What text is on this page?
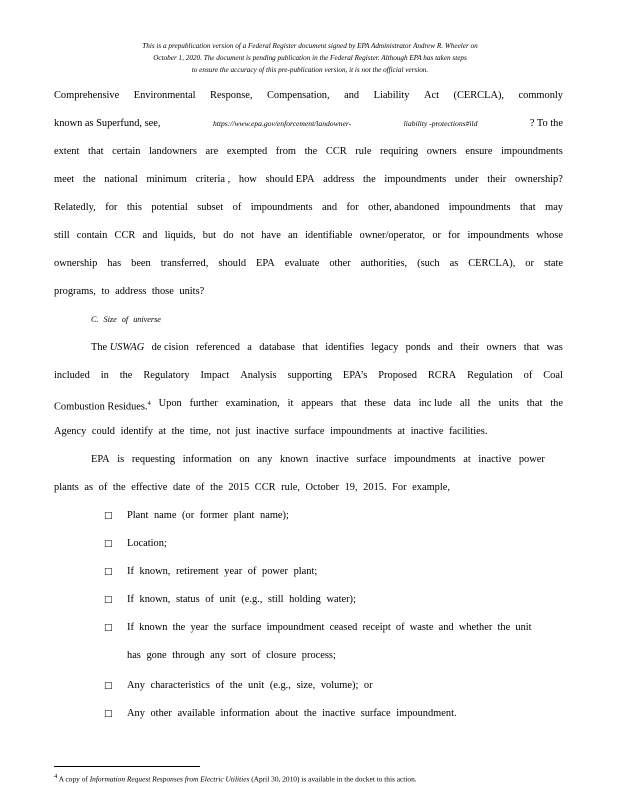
This is a prepublication version of a Federal Register document signed by EPA Administrator Andrew R. Wheeler on
October 1, 2020. The document is pending publication in the Federal Register. Although EPA has taken steps
to ensure the accuracy of this pre-publication version, it is not the official version.
Comprehensive Environmental Response, Compensation, and Liability Act (CERCLA), commonly
known as Superfund, see,	https://www.epa.gov/enforcement/landowner-	liability -protections#ild	? To the
extent that certain landowners are exempted from the CCR rule requiring owners ensure impoundments
meet the national minimum criteria , how should EPA address the impoundments under their ownership?
Relatedly, for this potential subset of impoundments and for other, abandoned impoundments that may
still contain CCR and liquids, but do not have an identifiable owner/operator, or for impoundments whose
ownership has been transferred, should EPA evaluate other authorities, (such as CERCLA), or state
programs, to address those units?
C. Size of universe
The USWAG de cision referenced a database that identifies legacy ponds and their owners that was
included in the Regulatory Impact Analysis supporting EPA’s Proposed RCRA Regulation of Coal
Combustion Residues.$^4$ Upon further examination, it appears that these data inc lude all the units that the
Agency could identify at the time, not just inactive surface impoundments at inactive facilities.
EPA is requesting information on any known inactive surface impoundments at inactive power
plants as of the effective date of the 2015 CCR rule, October 19, 2015. For example,
□ Plant name (or former plant name);
□ Location;
□ If known, retirement year of power plant;
□ If known, status of unit (e.g., still holding water);
□ If known the year the surface impoundment ceased receipt of waste and whether the unit
has gone through any sort of closure process;
□ Any characteristics of the unit (e.g., size, volume); or
□ Any other available information about the inactive surface impoundment.
4 A copy of Information Request Responses from Electric Utilities (April 30, 2010) is available in the docket to this action.
